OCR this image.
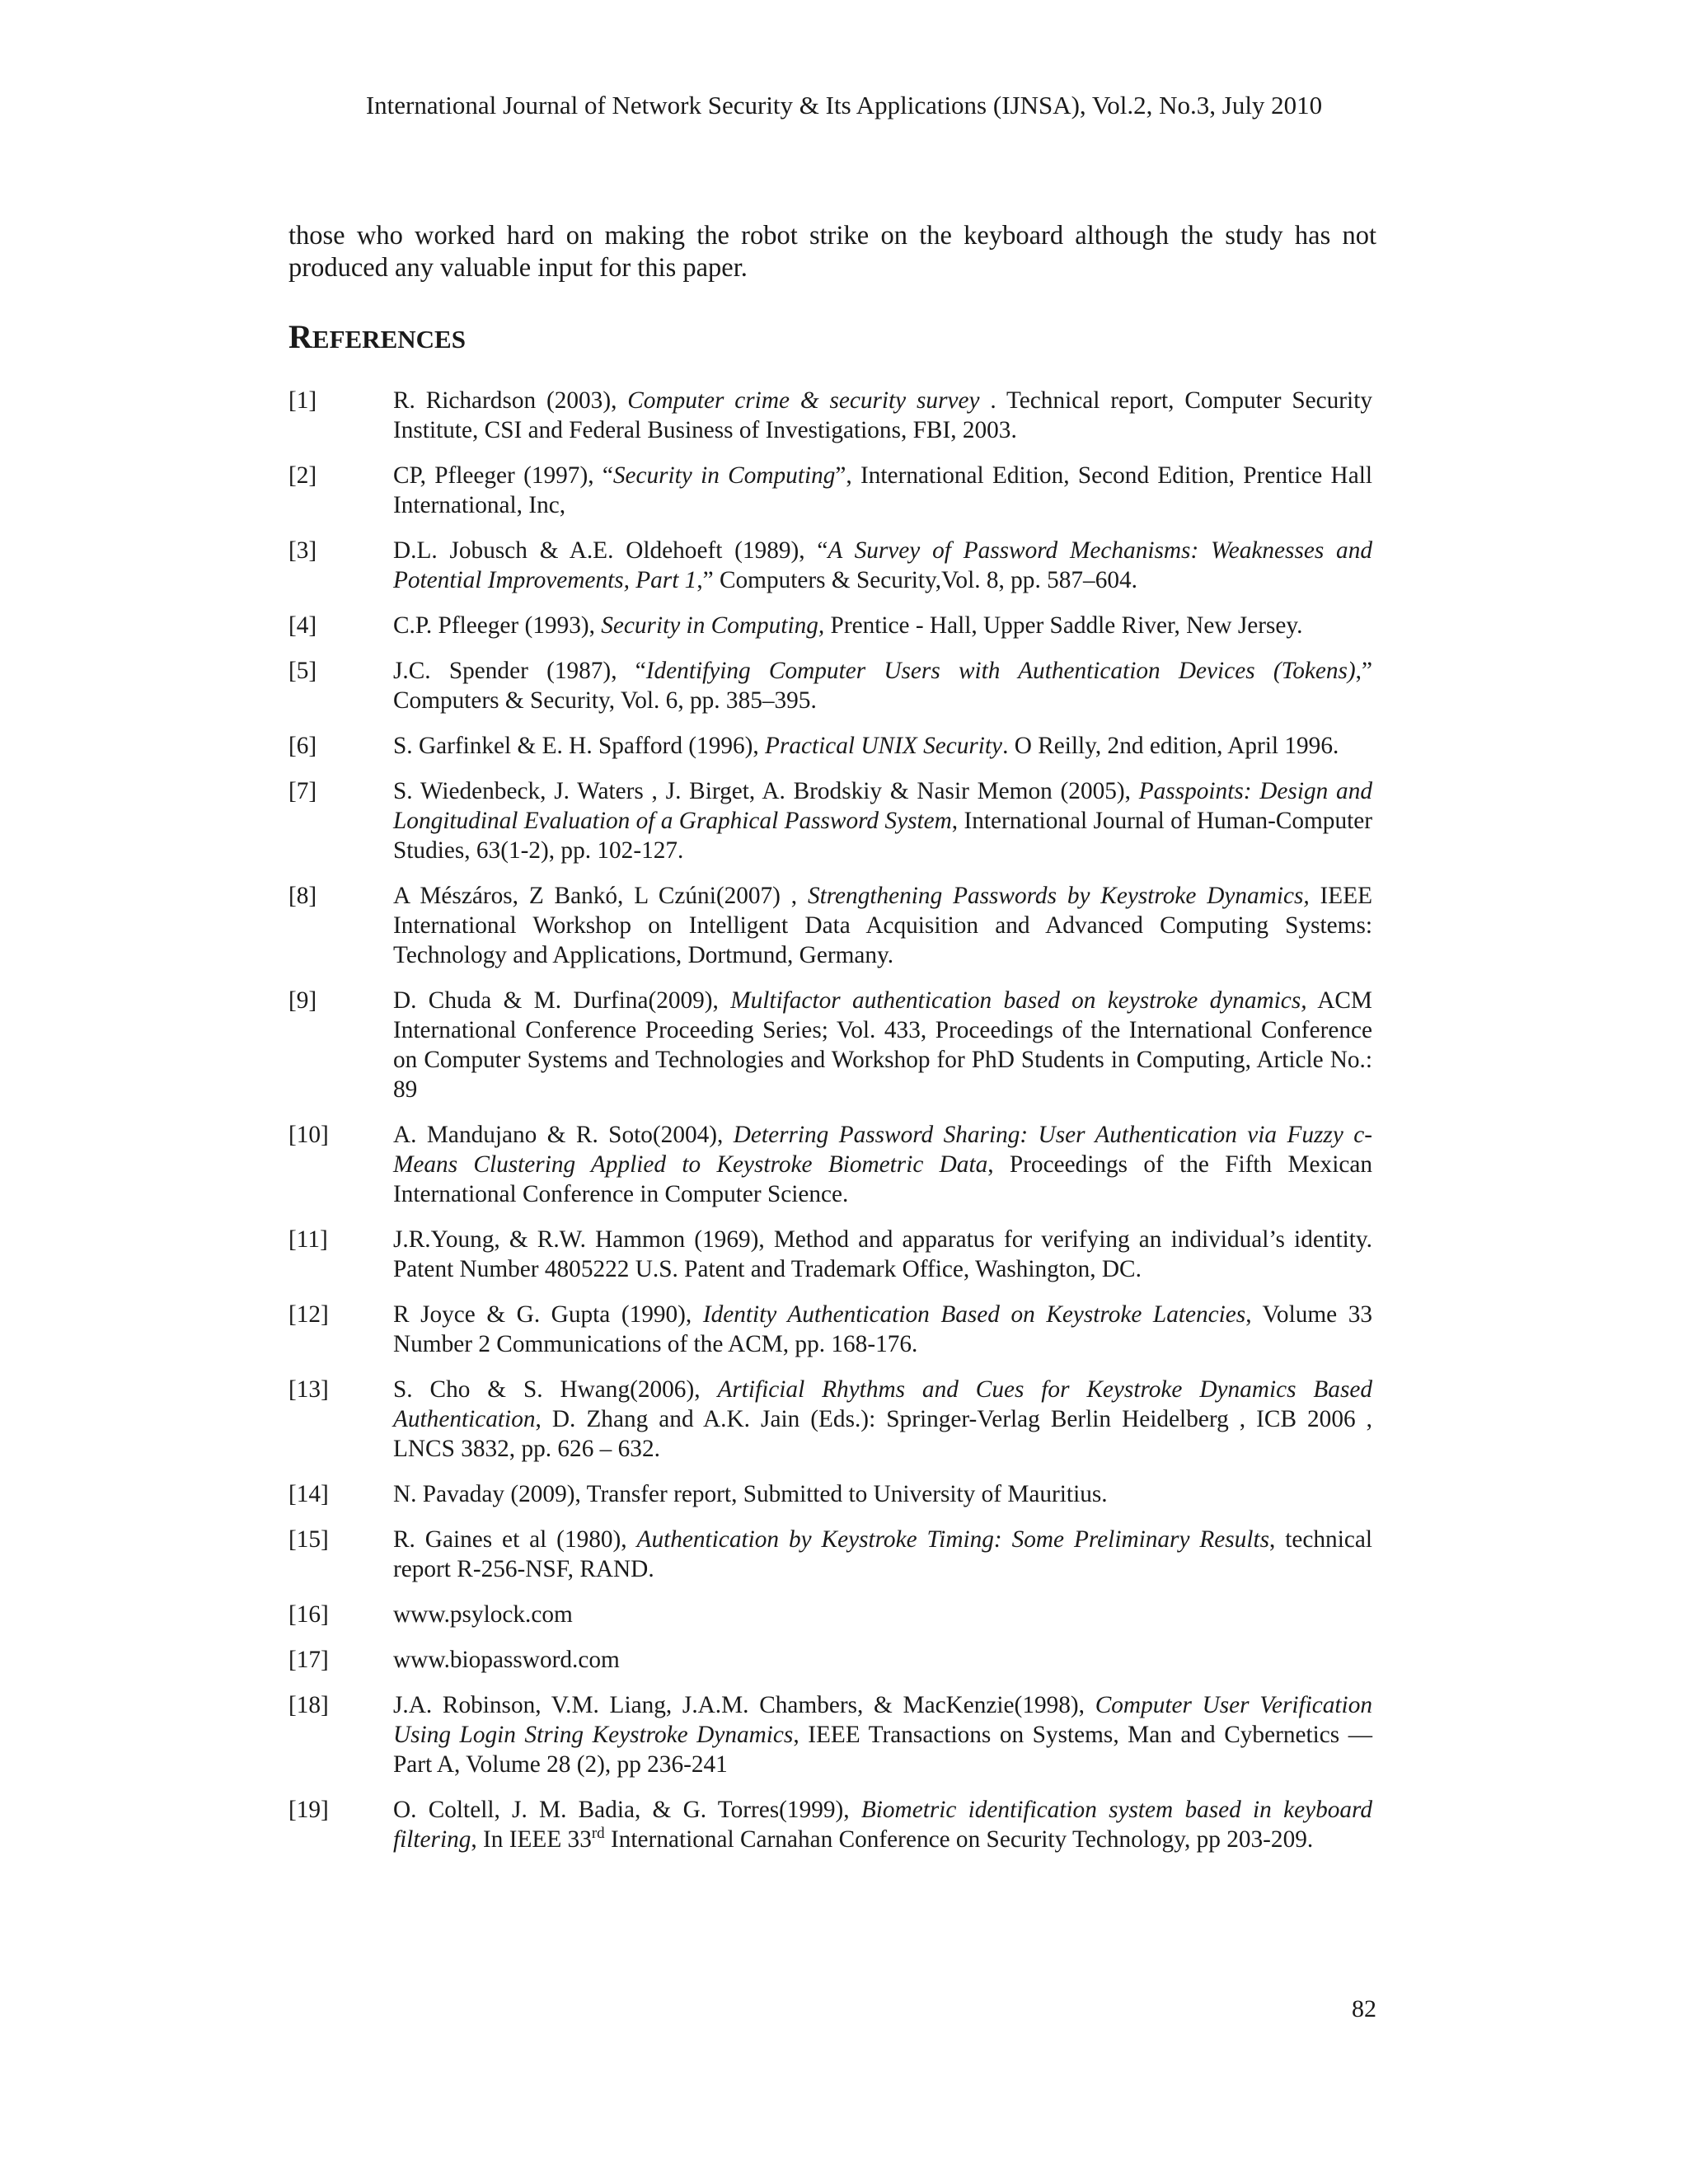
International Journal of Network Security & Its Applications (IJNSA), Vol.2, No.3, July 2010

those who worked hard on making the robot strike on the keyboard although the study has not produced any valuable input for this paper.

REFERENCES
[1]	R. Richardson (2003), Computer crime & security survey . Technical report, Computer Security Institute, CSI and Federal Business of Investigations, FBI, 2003.
[2]	CP, Pfleeger (1997), “Security in Computing”, International Edition, Second Edition, Prentice Hall International, Inc,
[3]	D.L. Jobusch & A.E. Oldehoeft (1989), “A Survey of Password Mechanisms: Weaknesses and Potential Improvements, Part 1,” Computers & Security,Vol. 8, pp. 587–604.
[4]	C.P. Pfleeger (1993), Security in Computing, Prentice - Hall, Upper Saddle River, New Jersey.
[5]	J.C. Spender (1987), “Identifying Computer Users with Authentication Devices (Tokens),” Computers & Security, Vol. 6, pp. 385–395.
[6]	S. Garfinkel & E. H. Spafford (1996), Practical UNIX Security. O Reilly, 2nd edition, April 1996.
[7]	S. Wiedenbeck, J. Waters , J. Birget, A. Brodskiy & Nasir Memon (2005), Passpoints: Design and Longitudinal Evaluation of a Graphical Password System, International Journal of Human-Computer Studies, 63(1-2), pp. 102-127.
[8]	A Mészáros, Z Bankó, L Czúni(2007) , Strengthening Passwords by Keystroke Dynamics, IEEE International Workshop on Intelligent Data Acquisition and Advanced Computing Systems: Technology and Applications, Dortmund, Germany.
[9]	D. Chuda & M. Durfina(2009), Multifactor authentication based on keystroke dynamics, ACM International Conference Proceeding Series; Vol. 433, Proceedings of the International Conference on Computer Systems and Technologies and Workshop for PhD Students in Computing, Article No.: 89
[10]	A. Mandujano & R. Soto(2004), Deterring Password Sharing: User Authentication via Fuzzy c-Means Clustering Applied to Keystroke Biometric Data, Proceedings of the Fifth Mexican International Conference in Computer Science.
[11]	J.R.Young, & R.W. Hammon (1969), Method and apparatus for verifying an individual’s identity. Patent Number 4805222 U.S. Patent and Trademark Office, Washington, DC.
[12]	R Joyce & G. Gupta (1990), Identity Authentication Based on Keystroke Latencies, Volume 33 Number 2 Communications of the ACM, pp. 168-176.
[13]	S. Cho & S. Hwang(2006), Artificial Rhythms and Cues for Keystroke Dynamics Based Authentication, D. Zhang and A.K. Jain (Eds.): Springer-Verlag Berlin Heidelberg , ICB 2006 , LNCS 3832, pp. 626 – 632.
[14]	N. Pavaday (2009), Transfer report, Submitted to University of Mauritius.
[15]	R. Gaines et al (1980), Authentication by Keystroke Timing: Some Preliminary Results, technical report R-256-NSF, RAND.
[16]	www.psylock.com
[17]	www.biopassword.com
[18]	J.A. Robinson, V.M. Liang, J.A.M. Chambers, & MacKenzie(1998), Computer User Verification Using Login String Keystroke Dynamics, IEEE Transactions on Systems, Man and Cybernetics —Part A, Volume 28 (2), pp 236-241
[19]	O. Coltell, J. M. Badia, & G. Torres(1999), Biometric identification system based in keyboard filtering, In IEEE 33rd International Carnahan Conference on Security Technology, pp 203-209.
82
